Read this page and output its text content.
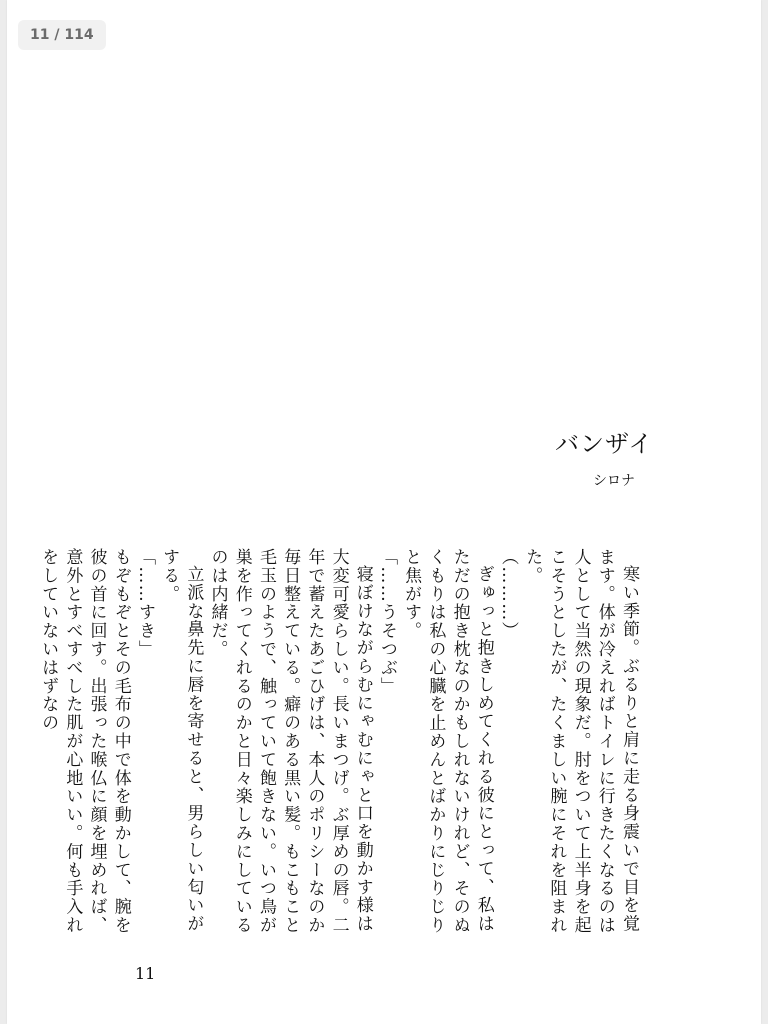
バンザイ
シロナ

寒い季節。ぶるりと肩に走る身震いで目を覚ます。体が冷えればトイレに行きたくなるのは人として当然の現象だ。肘をついて上半身を起こそうとしたが、たくましい腕にそれを阻まれた。

（………）

ぎゅっと抱きしめてくれる彼にとって、私はただの抱き枕なのかもしれないけれど、そのぬくもりは私の心臓を止めんとばかりにじりじりと焦がす。

「……うそつぶ」

寝ぼけながらむにゃむにゃと口を動かす様は大変可愛らしい。長いまつげ。ぶ厚めの唇。二年で蓄えたあごひげは、本人のポリシーなのか毎日整えている。癖のある黒い髪。もこもこと毛玉のようで、触っていて飽きない。いつ鳥が巣を作ってくれるのかと日々楽しみにしているのは内緒だ。

立派な鼻先に唇を寄せると、男らしい匂いがする。

「……すき」

もぞもぞとその毛布の中で体を動かして、腕を彼の首に回す。出張った喉仏に顔を埋めれば、意外とすべすべした肌が心地いい。何も手入れをしていないはずなの

11
11 / 114
